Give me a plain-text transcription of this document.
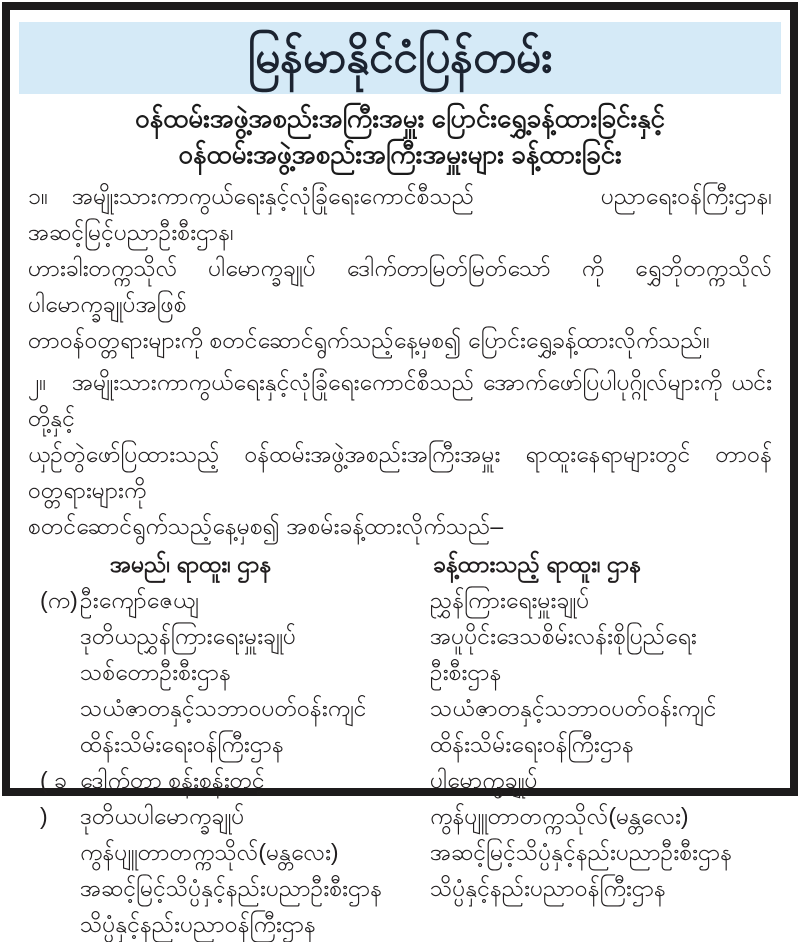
မြန်မာနိုင်ငံပြန်တမ်း
ဝန်ထမ်းအဖွဲ့အစည်းအကြီးအမှူး ပြောင်းရွှေ့ခန့်ထားခြင်းနှင့်
ဝန်ထမ်းအဖွဲ့အစည်းအကြီးအမှူးများ ခန့်ထားခြင်း
၁။ အမျိုးသားကာကွယ်ရေးနှင့်လုံခြုံရေးကောင်စီသည် ပညာရေးဝန်ကြီးဌာန၊ အဆင့်မြင့်ပညာဦးစီးဌာန၊
ဟားခါးတက္ကသိုလ် ပါမောက္ခချုပ် ဒေါက်တာမြတ်မြတ်သော် ကို ရွှေဘိုတက္ကသိုလ် ပါမောက္ခချုပ်အဖြစ်
တာဝန်ဝတ္တရားများကို စတင်ဆောင်ရွက်သည့်နေ့မှစ၍ ပြောင်းရွှေ့ခန့်ထားလိုက်သည်။
၂။ အမျိုးသားကာကွယ်ရေးနှင့်လုံခြုံရေးကောင်စီသည် အောက်ဖော်ပြပါပုဂ္ဂိုလ်များကို ယင်းတို့နှင့်
ယှဉ်တွဲဖော်ပြထားသည့် ဝန်ထမ်းအဖွဲ့အစည်းအကြီးအမှူး ရာထူးနေရာများတွင် တာဝန်ဝတ္တရားများကို
စတင်ဆောင်ရွက်သည့်နေ့မှစ၍ အစမ်းခန့်ထားလိုက်သည်–
အမည်၊ ရာထူး၊ ဌာန	ခန့်ထားသည့် ရာထူး၊ ဌာန
(က) ဦးကျော်ဇေယျ
ဒုတိယညွှန်ကြားရေးမှူးချုပ်
သစ်တောဦးစီးဌာန
သယံဇာတနှင့်သဘာဝပတ်ဝန်းကျင်
ထိန်းသိမ်းရေးဝန်ကြီးဌာန
ညွှန်ကြားရေးမှူးချုပ်
အပူပိုင်းဒေသစိမ်းလန်းစိုပြည်ရေး
ဦးစီးဌာန
သယံဇာတနှင့်သဘာဝပတ်ဝန်းကျင်
ထိန်းသိမ်းရေးဝန်ကြီးဌာန
( ခ )
ဒေါက်တာ စန်းစန်းတင့်
ဒုတိယပါမောက္ခချုပ်
ကွန်ပျူတာတက္ကသိုလ်(မန္တလေး)
အဆင့်မြင့်သိပ္ပံနှင့်နည်းပညာဦးစီးဌာန
သိပ္ပံနှင့်နည်းပညာဝန်ကြီးဌာန
ပါမောက္ခချုပ်
ကွန်ပျူတာတက္ကသိုလ်(မန္တလေး)
အဆင့်မြင့်သိပ္ပံနှင့်နည်းပညာဦးစီးဌာန
သိပ္ပံနှင့်နည်းပညာဝန်ကြီးဌာန
